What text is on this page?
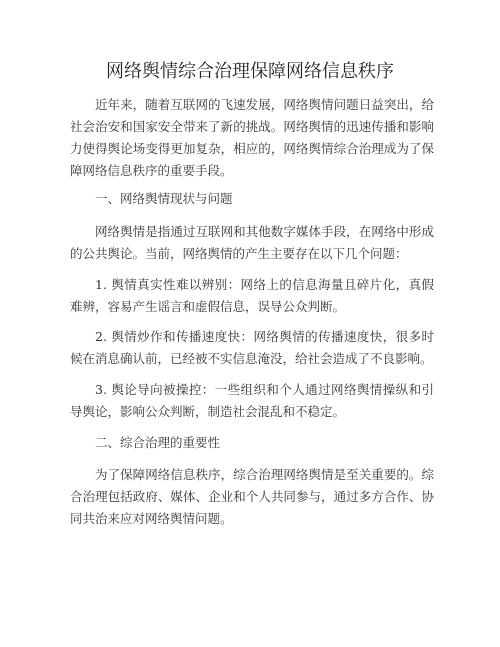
网络舆情综合治理保障网络信息秩序

近年来，随着互联网的飞速发展，网络舆情问题日益突出，给社会治安和国家安全带来了新的挑战。网络舆情的迅速传播和影响力使得舆论场变得更加复杂，相应的，网络舆情综合治理成为了保障网络信息秩序的重要手段。

一、网络舆情现状与问题

网络舆情是指通过互联网和其他数字媒体手段，在网络中形成的公共舆论。当前，网络舆情的产生主要存在以下几个问题：

1. 舆情真实性难以辨别：网络上的信息海量且碎片化，真假难辨，容易产生谣言和虚假信息，误导公众判断。

2. 舆情炒作和传播速度快：网络舆情的传播速度快，很多时候在消息确认前，已经被不实信息淹没，给社会造成了不良影响。

3. 舆论导向被操控：一些组织和个人通过网络舆情操纵和引导舆论，影响公众判断，制造社会混乱和不稳定。

二、综合治理的重要性

为了保障网络信息秩序，综合治理网络舆情是至关重要的。综合治理包括政府、媒体、企业和个人共同参与，通过多方合作、协同共治来应对网络舆情问题。
